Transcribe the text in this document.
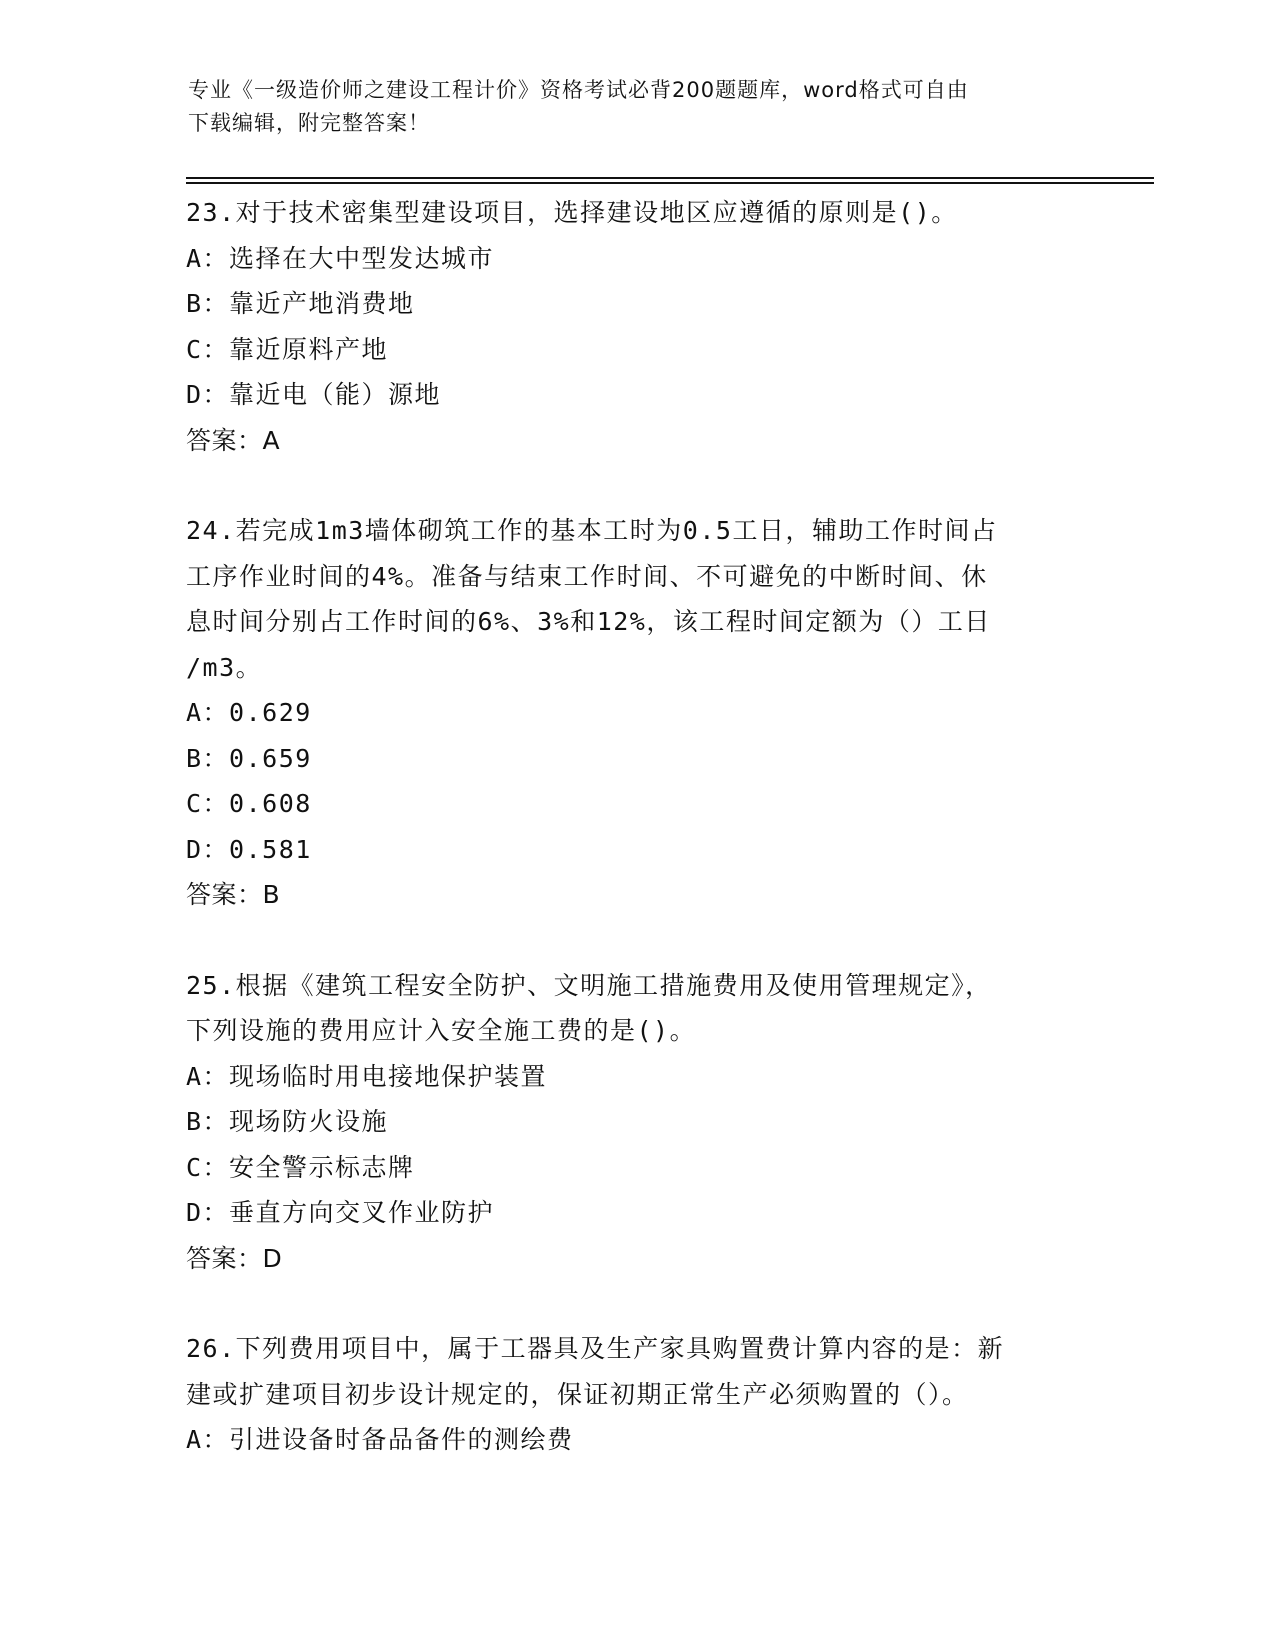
专业《一级造价师之建设工程计价》资格考试必背200题题库，word格式可自由
下载编辑，附完整答案！
23.对于技术密集型建设项目，选择建设地区应遵循的原则是()。
A：选择在大中型发达城市
B：靠近产地消费地
C：靠近原料产地
D：靠近电（能）源地
答案：A
24.若完成1m3墙体砌筑工作的基本工时为0.5工日，辅助工作时间占
工序作业时间的4%。准备与结束工作时间、不可避免的中断时间、休
息时间分别占工作时间的6%、3%和12%，该工程时间定额为（）工日
/m3。
A：0.629
B：0.659
C：0.608
D：0.581
答案：B
25.根据《建筑工程安全防护、文明施工措施费用及使用管理规定》，
下列设施的费用应计入安全施工费的是()。
A：现场临时用电接地保护装置
B：现场防火设施
C：安全警示标志牌
D：垂直方向交叉作业防护
答案：D
26.下列费用项目中，属于工器具及生产家具购置费计算内容的是：新
建或扩建项目初步设计规定的，保证初期正常生产必须购置的（）。
A：引进设备时备品备件的测绘费
